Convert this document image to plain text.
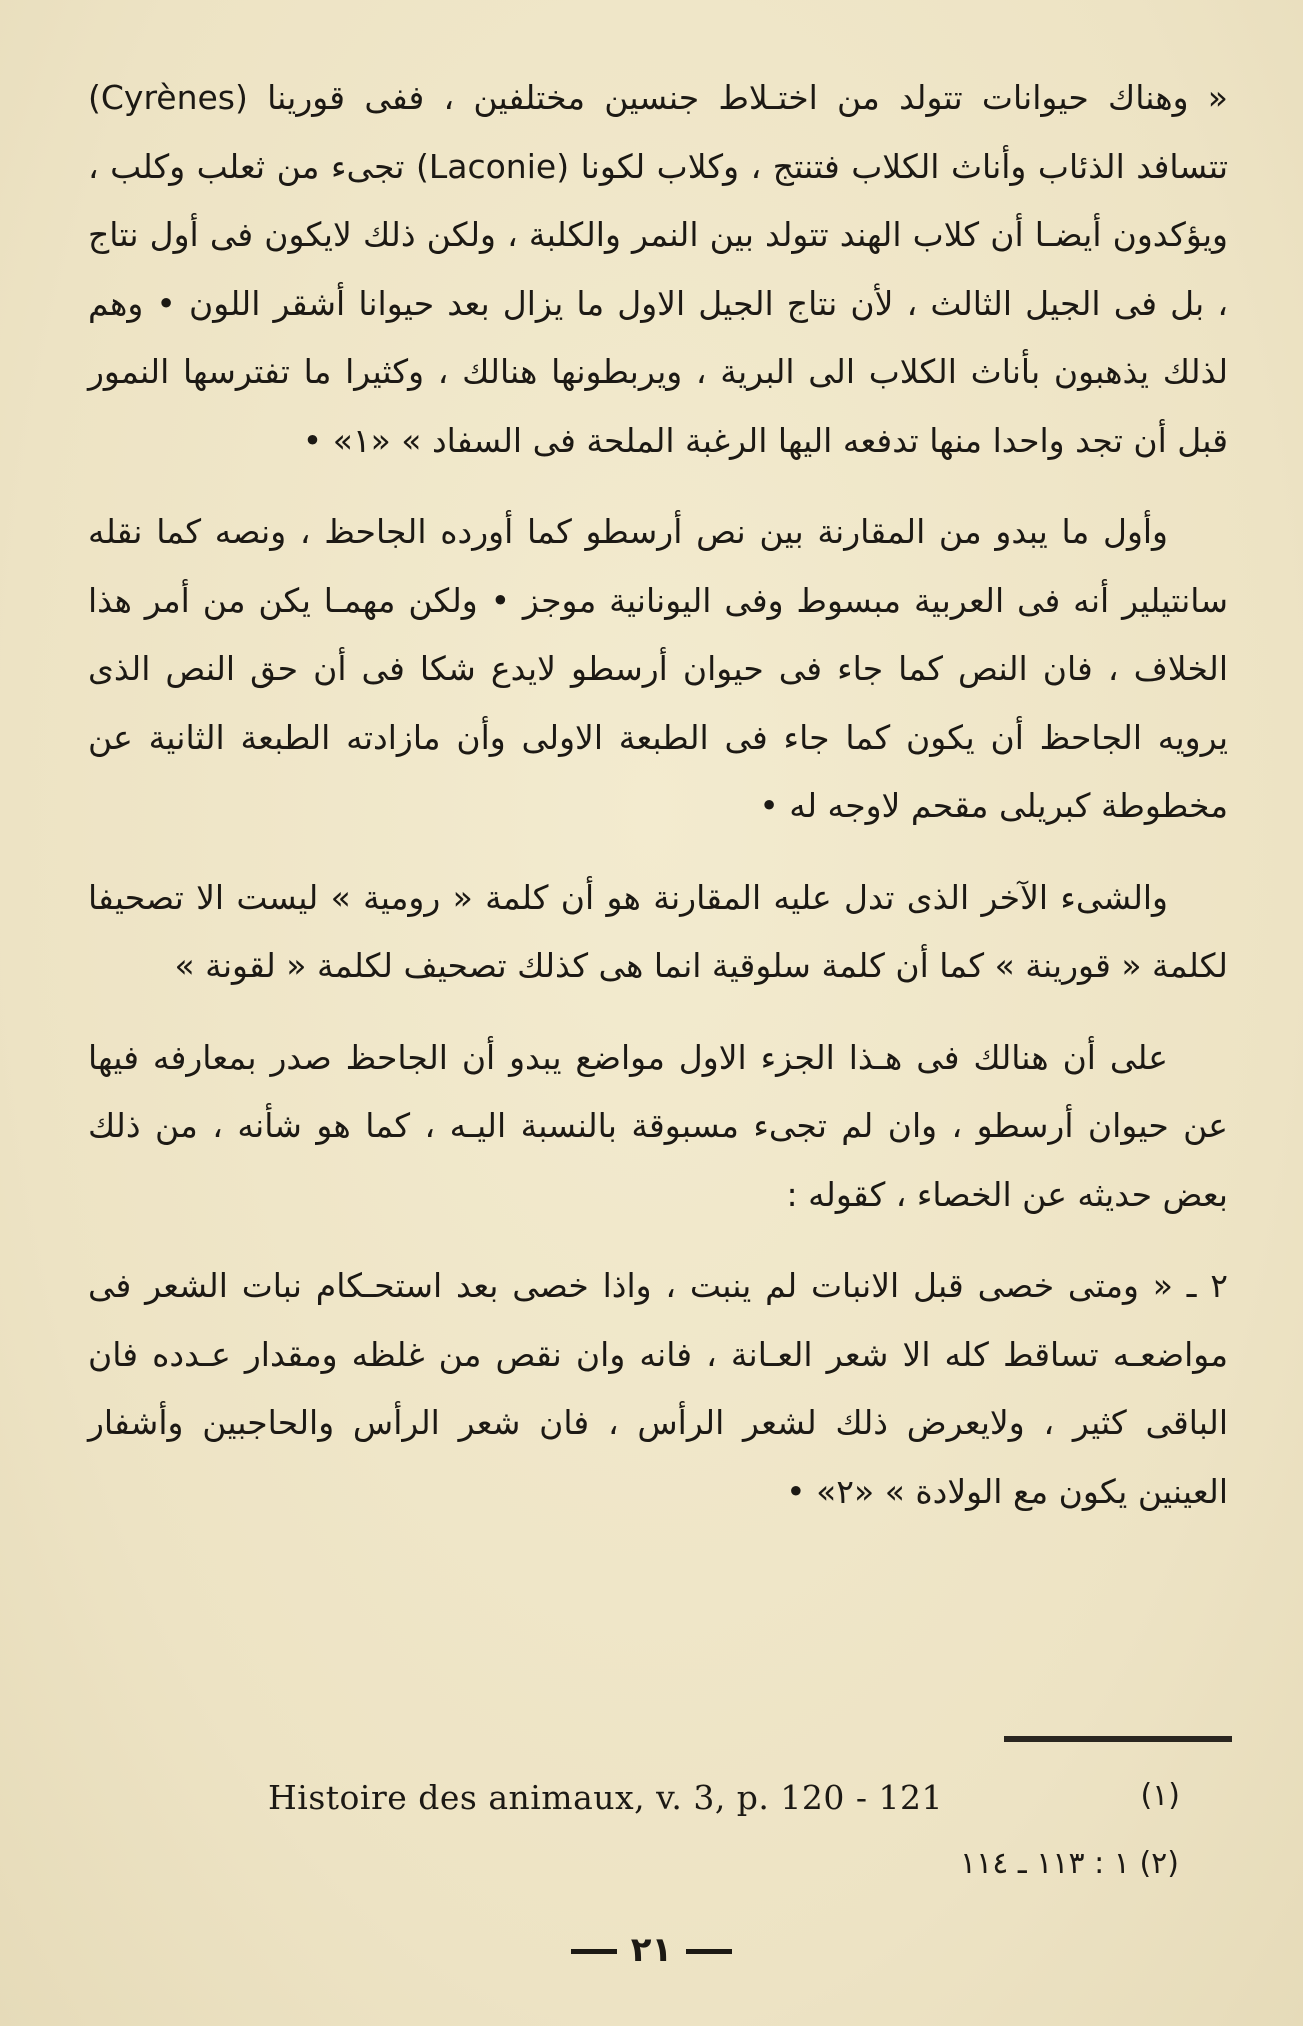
« وهناك حيوانات تتولد من اختـلاط جنسين مختلفين ، ففى قورينا (Cyrènes) تتسافد الذئاب وأناث الكلاب فتنتج ، وكلاب لكونا (Laconie) تجىء من ثعلب وكلب ، ويؤكدون أيضـا أن كلاب الهند تتولد بين النمر والكلبة ، ولكن ذلك لايكون فى أول نتاج ، بل فى الجيل الثالث ، لأن نتاج الجيل الاول ما يزال بعد حيوانا أشقر اللون • وهم لذلك يذهبون بأناث الكلاب الى البرية ، ويربطونها هنالك ، وكثيرا ما تفترسها النمور قبل أن تجد واحدا منها تدفعه اليها الرغبة الملحة فى السفاد » «١» •

وأول ما يبدو من المقارنة بين نص أرسطو كما أورده الجاحظ ، ونصه كما نقله سانتيلير أنه فى العربية مبسوط وفى اليونانية موجز • ولكن مهمـا يكن من أمر هذا الخلاف ، فان النص كما جاء فى حيوان أرسطو لايدع شكا فى أن حق النص الذى يرويه الجاحظ أن يكون كما جاء فى الطبعة الاولى وأن مازادته الطبعة الثانية عن مخطوطة كبريلى مقحم لاوجه له •

والشىء الآخر الذى تدل عليه المقارنة هو أن كلمة « رومية » ليست الا تصحيفا لكلمة « قورينة » كما أن كلمة سلوقية انما هى كذلك تصحيف لكلمة « لقونة »

على أن هنالك فى هـذا الجزء الاول مواضع يبدو أن الجاحظ صدر بمعارفه فيها عن حيوان أرسطو ، وان لم تجىء مسبوقة بالنسبة اليـه ، كما هو شأنه ، من ذلك بعض حديثه عن الخصاء ، كقوله :

٢ ـ « ومتى خصى قبل الانبات لم ينبت ، واذا خصى بعد استحـكام نبات الشعر فى مواضعـه تساقط كله الا شعر العـانة ، فانه وان نقص من غلظه ومقدار عـدده فان الباقى كثير ، ولايعرض ذلك لشعر الرأس ، فان شعر الرأس والحاجبين وأشفار العينين يكون مع الولادة » «٢» •

Histoire des animaux, v. 3, p. 120 - 121	(١)
(٢) ١ : ١١٣ ـ ١١٤
٢١
